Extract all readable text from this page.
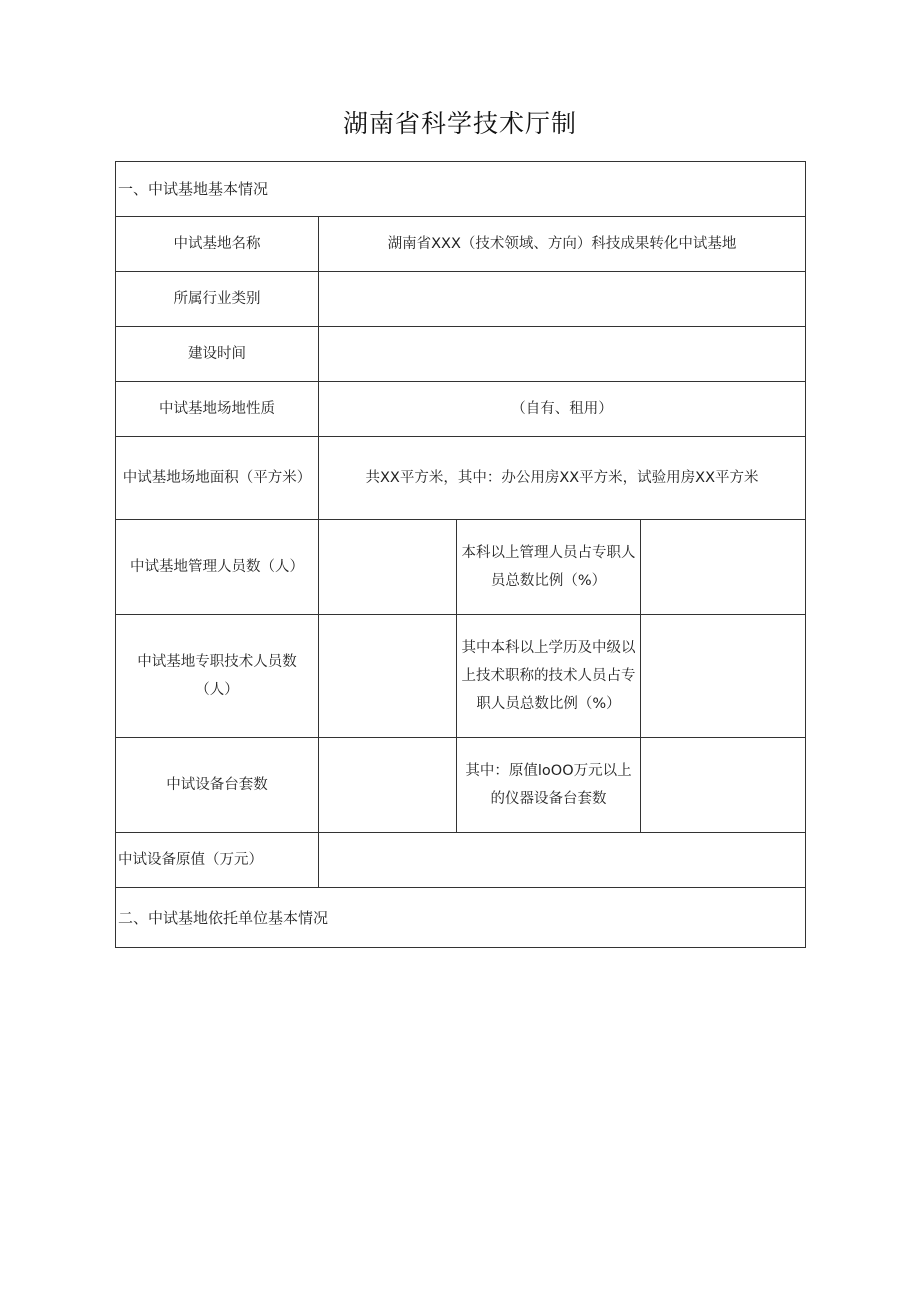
湖南省科学技术厅制
一、中试基地基本情况			
中试基地名称	湖南省XXX（技术领域、方向）科技成果转化中试基地		
所属行业类别			
建设时间			
中试基地场地性质	（自有、租用）		
中试基地场地面积（平方米）	共XX平方米，其中：办公用房XX平方米，试验用房XX平方米		
中试基地管理人员数（人）		本科以上管理人员占专职人员总数比例（%）	
中试基地专职技术人员数（人）		其中本科以上学历及中级以上技术职称的技术人员占专职人员总数比例（%）	
中试设备台套数		其中：原值loOO万元以上的仪器设备台套数	
中试设备原值（万元）			
二、中试基地依托单位基本情况			
